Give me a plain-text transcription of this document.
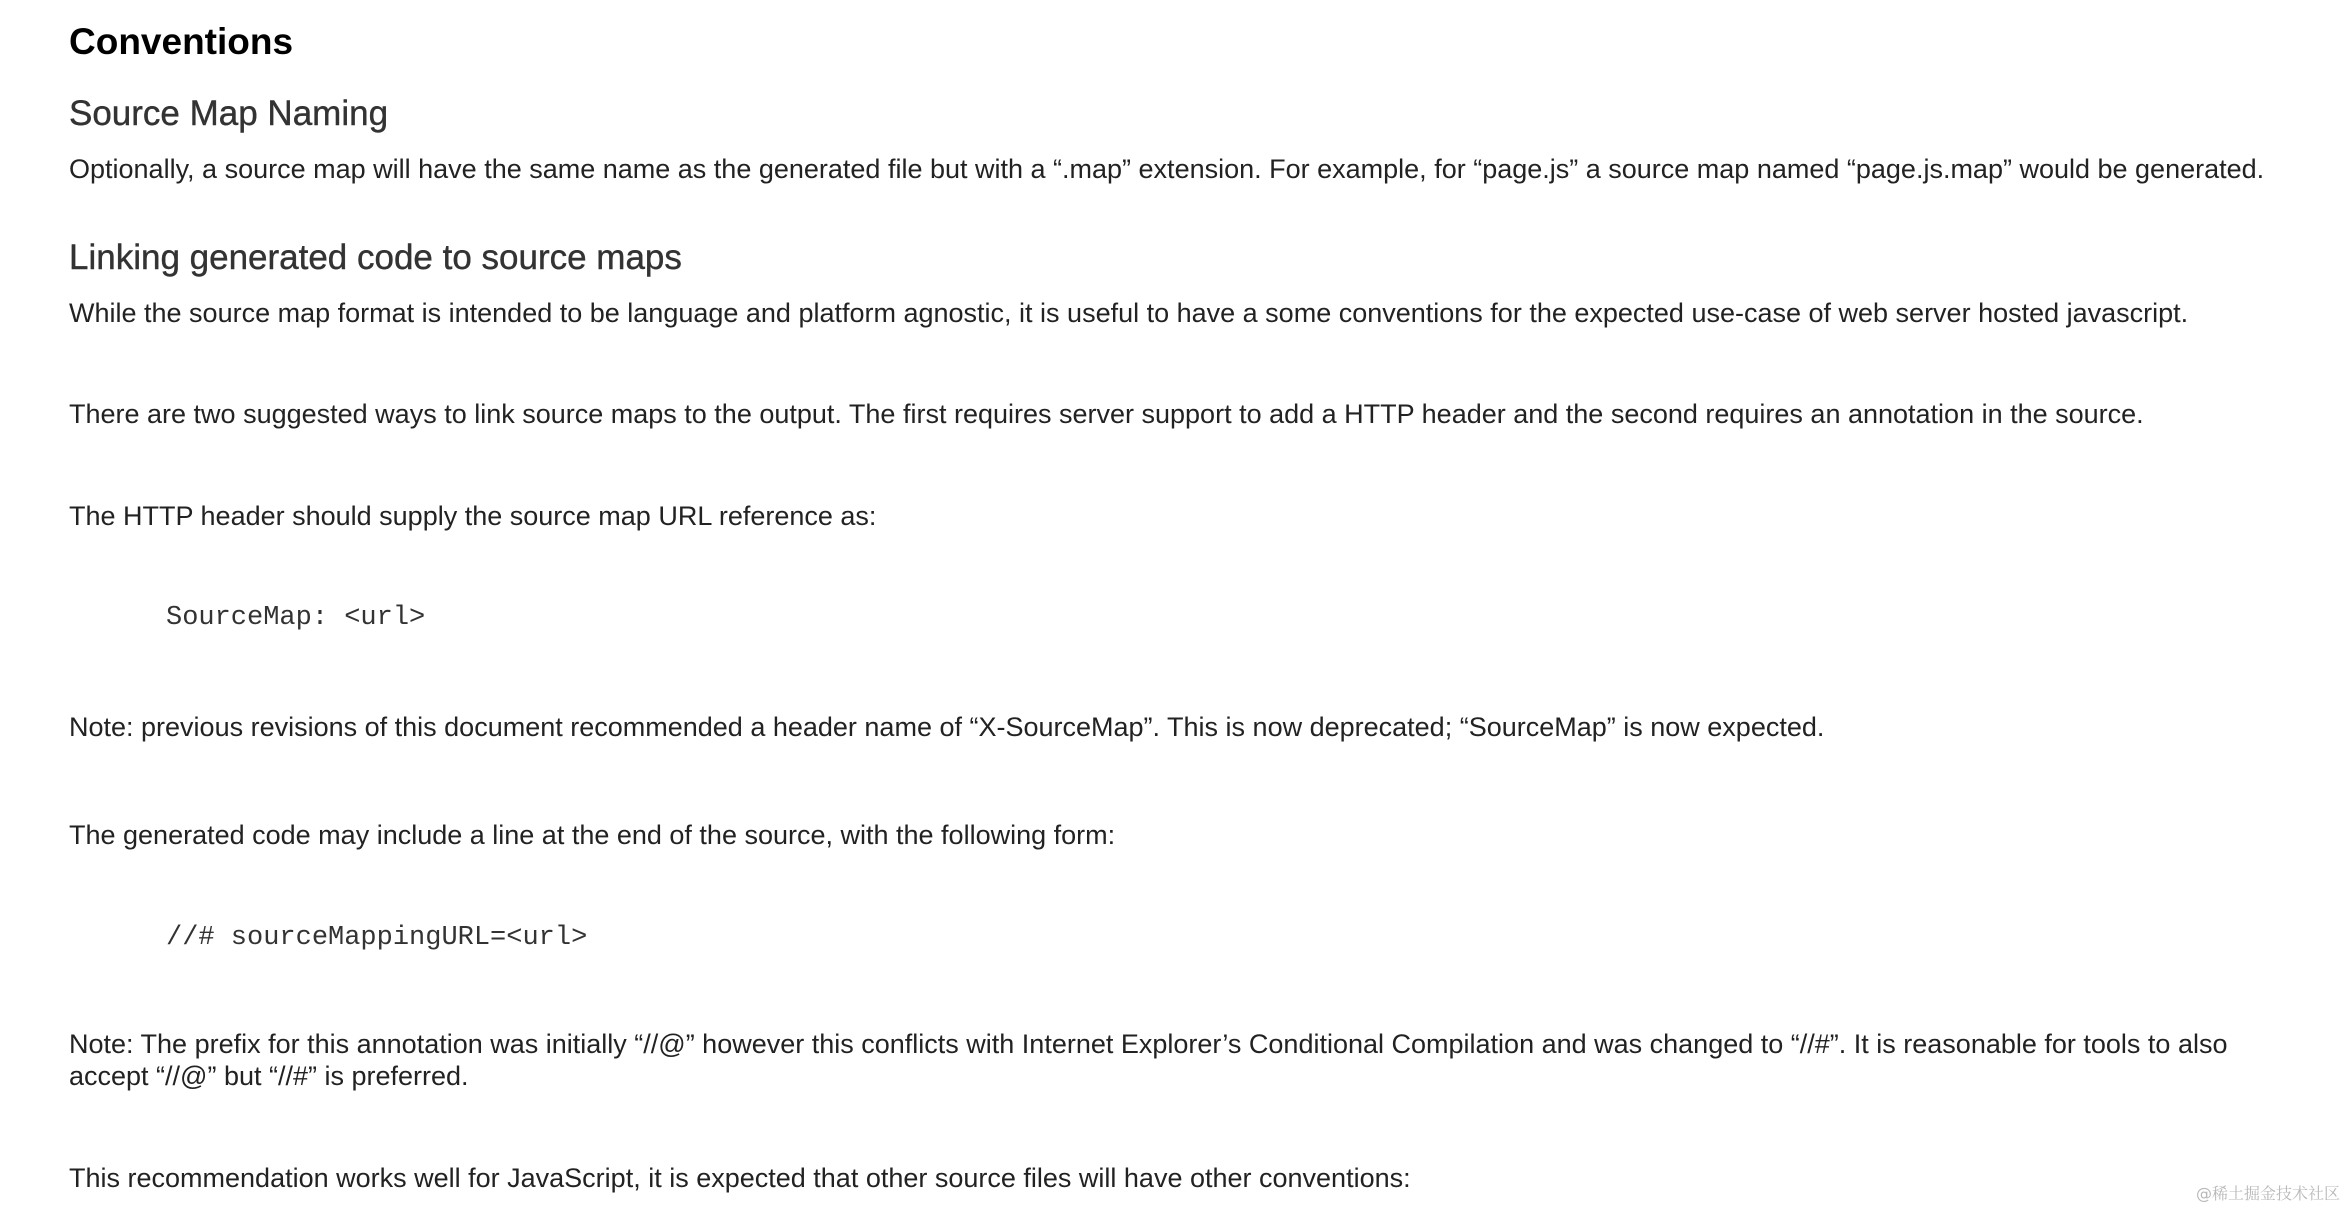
Conventions
Source Map Naming

Optionally, a source map will have the same name as the generated file but with a “.map” extension. For example, for “page.js” a source map named “page.js.map” would be generated.

Linking generated code to source maps

While the source map format is intended to be language and platform agnostic, it is useful to have a some conventions for the expected use-case of web server hosted javascript.

There are two suggested ways to link source maps to the output. The first requires server support to add a HTTP header and the second requires an annotation in the source.

The HTTP header should supply the source map URL reference as:

SourceMap: <url>

Note: previous revisions of this document recommended a header name of “X-SourceMap”. This is now deprecated; “SourceMap” is now expected.

The generated code may include a line at the end of the source, with the following form:

//# sourceMappingURL=<url>

Note: The prefix for this annotation was initially “//@” however this conflicts with Internet Explorer’s Conditional Compilation and was changed to “//#”. It is reasonable for tools to also accept “//@” but “//#” is preferred.

This recommendation works well for JavaScript, it is expected that other source files will have other conventions:

@稀土掘金技术社区
